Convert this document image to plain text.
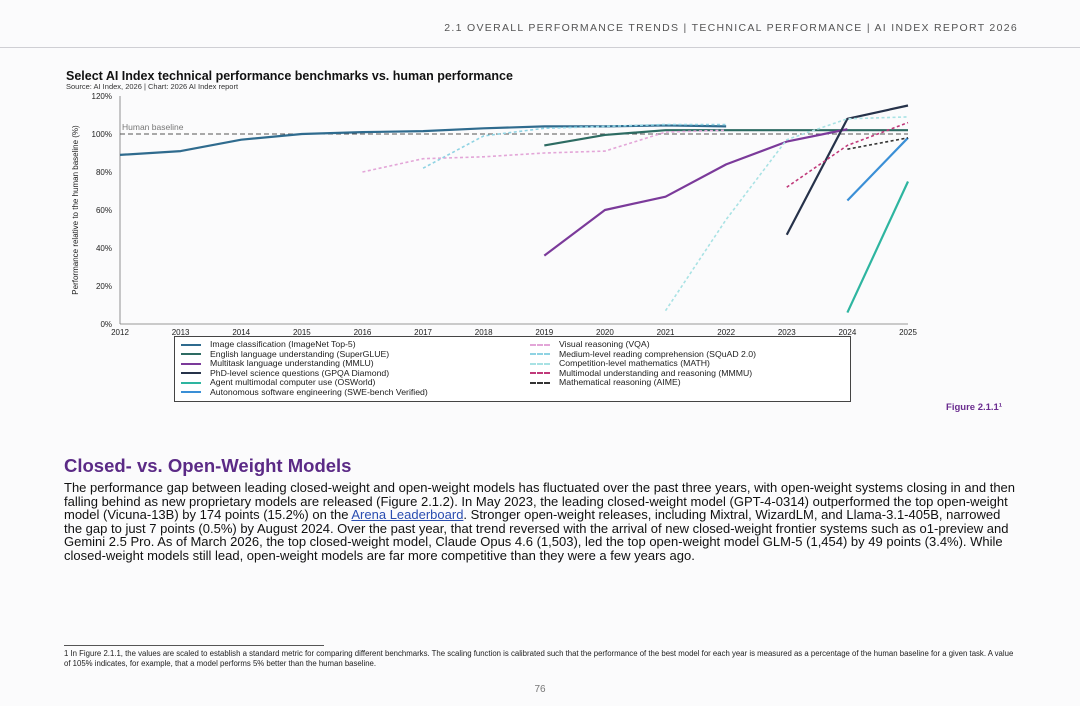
2.1 OVERALL PERFORMANCE TRENDS | TECHNICAL PERFORMANCE | AI INDEX REPORT 2026
Select AI Index technical performance benchmarks vs. human performance
Source: AI Index, 2026 | Chart: 2026 AI Index report
0%
20%
40%
60%
80%
100%
120%
2012	2013	2014	2015	2016	2017	2018	2019	2020	2021	2022	2023	2024	2025
Performance relative to the human baseline (%)	Human baseline
Image classification (ImageNet Top-5)
English language understanding (SuperGLUE)
Multitask language understanding (MMLU)
PhD-level science questions (GPQA Diamond)
Agent multimodal computer use (OSWorld)
Autonomous software engineering (SWE-bench Verified)
Visual reasoning (VQA)
Medium-level reading comprehension (SQuAD 2.0)
Competition-level mathematics (MATH)
Multimodal understanding and reasoning (MMMU)
Mathematical reasoning (AIME)
Figure 2.1.1¹
Closed- vs. Open-Weight Models
The performance gap between leading closed-weight and open-weight models has fluctuated over the past three years, with open-weight systems closing in and then falling behind as new proprietary models are released (Figure 2.1.2). In May 2023, the leading closed-weight model (GPT-4-0314) outperformed the top open-weight model (Vicuna-13B) by 174 points (15.2%) on the Arena Leaderboard. Stronger open-weight releases, including Mixtral, WizardLM, and Llama-3.1-405B, narrowed the gap to just 7 points (0.5%) by August 2024. Over the past year, that trend reversed with the arrival of new closed-weight frontier systems such as o1-preview and Gemini 2.5 Pro. As of March 2026, the top closed-weight model, Claude Opus 4.6 (1,503), led the top open-weight model GLM-5 (1,454) by 49 points (3.4%). While closed-weight models still lead, open-weight models are far more competitive than they were a few years ago.
1 In Figure 2.1.1, the values are scaled to establish a standard metric for comparing different benchmarks. The scaling function is calibrated such that the performance of the best model for each year is measured as a percentage of the human baseline for a given task. A value of 105% indicates, for example, that a model performs 5% better than the human baseline.
76
